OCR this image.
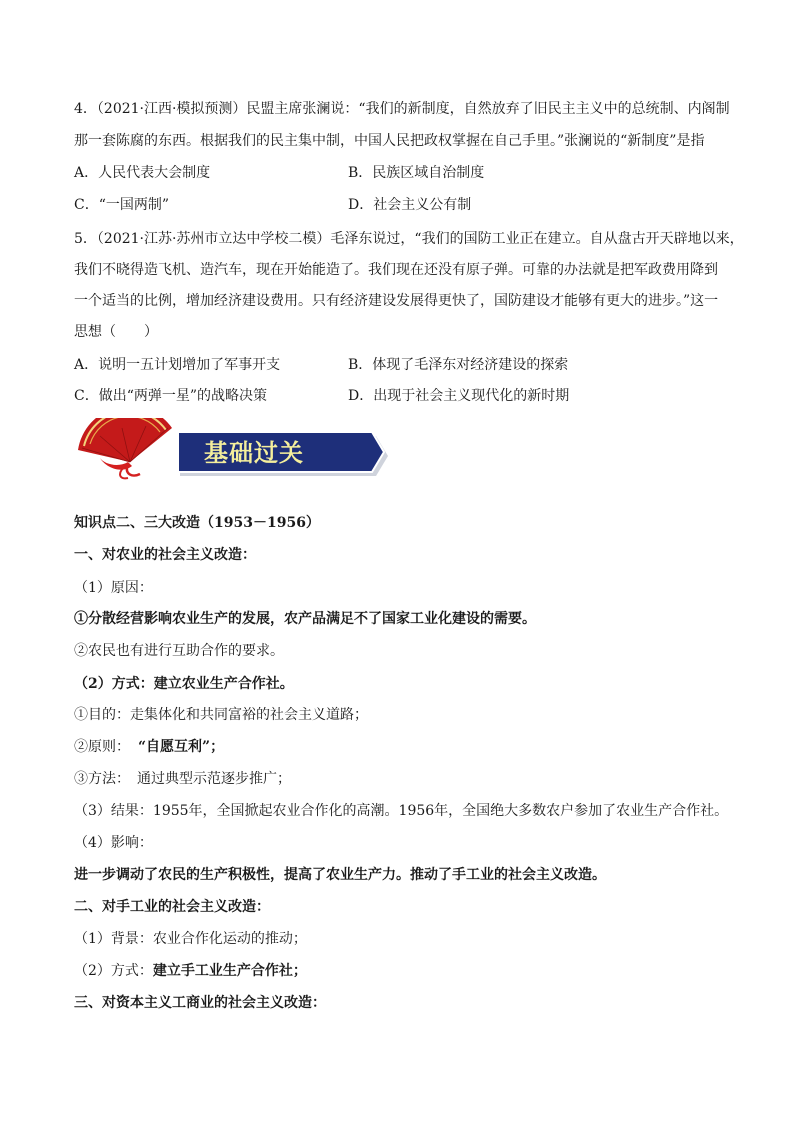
4．（2021·江西·模拟预测）民盟主席张澜说：“我们的新制度，自然放弃了旧民主主义中的总统制、内阁制
那一套陈腐的东西。根据我们的民主集中制，中国人民把政权掌握在自己手里。”张澜说的“新制度”是指
A．人民代表大会制度	B．民族区域自治制度
C．“一国两制”	D．社会主义公有制
5．（2021·江苏·苏州市立达中学校二模）毛泽东说过，“我们的国防工业正在建立。自从盘古开天辟地以来，
我们不晓得造飞机、造汽车，现在开始能造了。我们现在还没有原子弹。可靠的办法就是把军政费用降到
一个适当的比例，增加经济建设费用。只有经济建设发展得更快了，国防建设才能够有更大的进步。”这一
思想（　　）
A．说明一五计划增加了军事开支	B．体现了毛泽东对经济建设的探索
C．做出“两弹一星”的战略决策	D．出现于社会主义现代化的新时期
基础过关
知识点二、三大改造（1953－1956）
一、对农业的社会主义改造：
（1）原因：
①分散经营影响农业生产的发展，农产品满足不了国家工业化建设的需要。
②农民也有进行互助合作的要求。
（2）方式：建立农业生产合作社。
①目的：走集体化和共同富裕的社会主义道路；
②原则： “自愿互利”；
③方法：　通过典型示范逐步推广；
（3）结果：1955年，全国掀起农业合作化的高潮。1956年，全国绝大多数农户参加了农业生产合作社。
（4）影响：
进一步调动了农民的生产积极性，提高了农业生产力。推动了手工业的社会主义改造。
二、对手工业的社会主义改造：
（1）背景：农业合作化运动的推动；
（2）方式：建立手工业生产合作社；
三、对资本主义工商业的社会主义改造：
